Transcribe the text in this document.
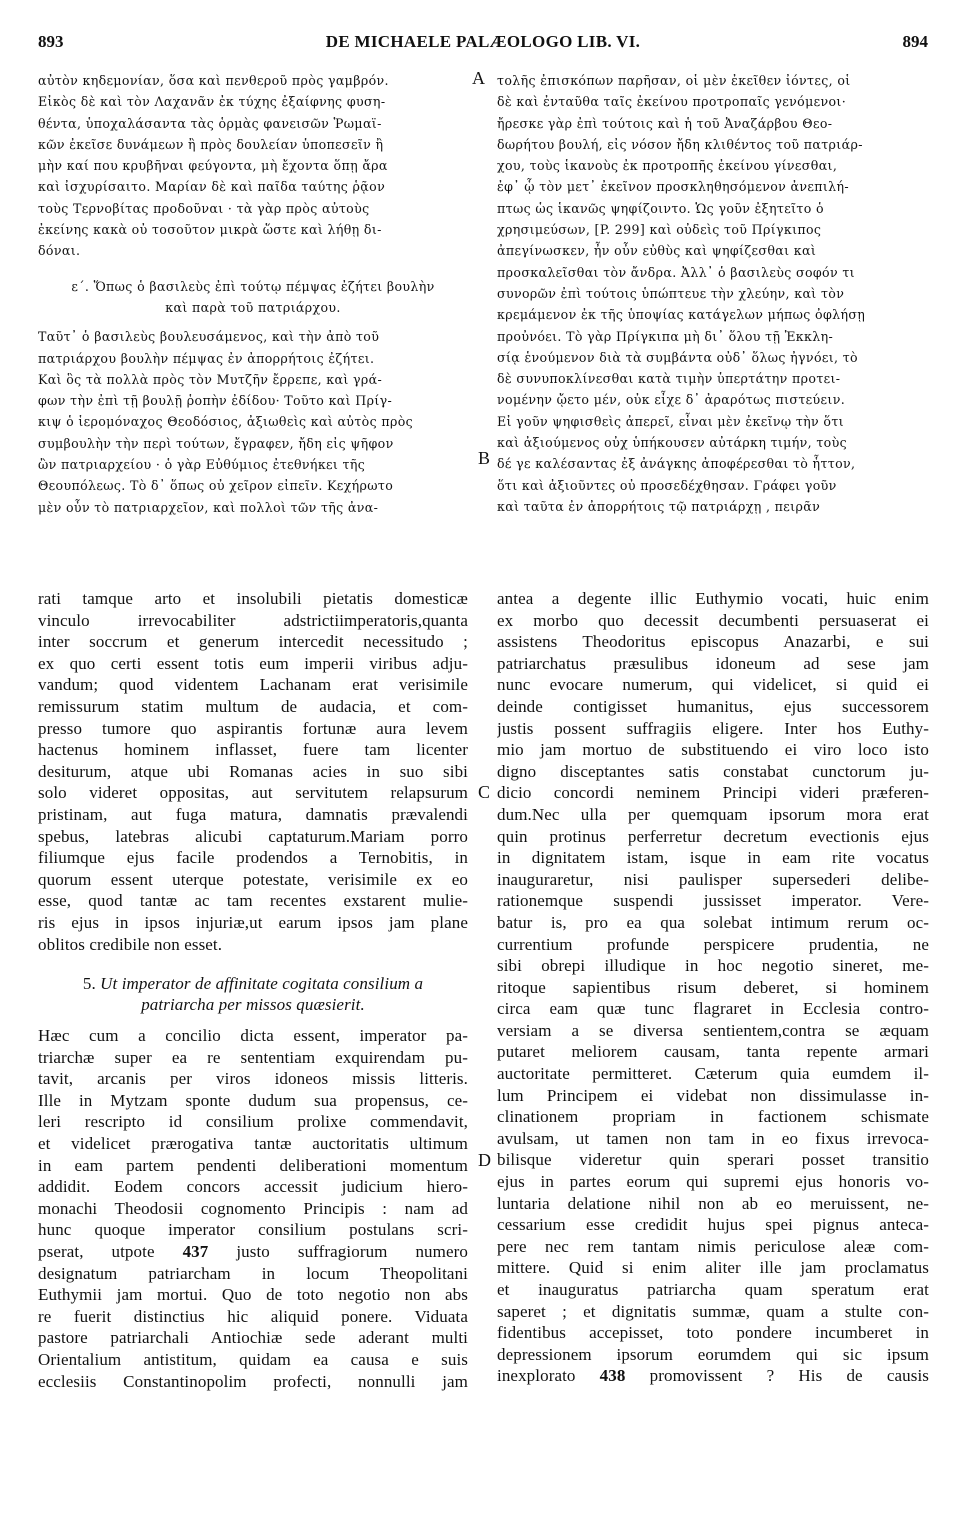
893	DE MICHAELE PALÆOLOGO LIB. VI.	894
αὐτὸν κηδεμονίαν, ὅσα καὶ πενθεροῦ πρὸς γαμβρόν.
Εἰκὸς δὲ καὶ τὸν Λαχανᾶν ἐκ τύχης ἐξαίφνης φυση-
θέντα, ὑποχαλάσαντα τὰς ὁρμὰς φανεισῶν Ῥωμαϊ-
κῶν ἐκεῖσε δυνάμεων ἢ πρὸς δουλείαν ὑποπεσεῖν ἢ
μὴν καί που κρυβῆναι φεύγοντα, μὴ ἔχοντα ὅπῃ ἄρα
καὶ ἰσχυρίσαιτο. Μαρίαν δὲ καὶ παῖδα ταύτης ῥᾷον
τοὺς Τερνοβίτας προδοῦναι · τὰ γὰρ πρὸς αὐτοὺς
ἐκείνης κακὰ οὐ τοσοῦτον μικρὰ ὥστε καὶ λήθῃ δι-
δόναι.
ε΄. Ὅπως ὁ βασιλεὺς ἐπὶ τούτῳ πέμψας ἐζήτει βουλὴν
καὶ παρὰ τοῦ πατριάρχου.
Ταῦτ᾽ ὁ βασιλεὺς βουλευσάμενος, καὶ τὴν ἀπὸ τοῦ
πατριάρχου βουλὴν πέμψας ἐν ἀπορρήτοις ἐζήτει.
Καὶ ὃς τὰ πολλὰ πρὸς τὸν Μυτζῆν ἔρρεπε, καὶ γρά-
φων τὴν ἐπὶ τῇ βουλῇ ῥοπὴν ἐδίδου· Τοῦτο καὶ Πρίγ-
κιψ ὁ ἱερομόναχος Θεοδόσιος, ἀξιωθεὶς καὶ αὐτὸς πρὸς
συμβουλὴν τὴν περὶ τούτων, ἔγραφεν, ἤδη εἰς ψῆφον
ὢν πατριαρχείου · ὁ γὰρ Εὐθύμιος ἐτεθνήκει τῆς
Θεουπόλεως. Τὸ δ᾽ ὅπως οὐ χεῖρον εἰπεῖν. Κεχήρωτο
μὲν οὖν τὸ πατριαρχεῖον, καὶ πολλοὶ τῶν τῆς ἀνα-
τολῆς ἐπισκόπων παρῆσαν, οἱ μὲν ἐκεῖθεν ἰόντες, οἱ
δὲ καὶ ἐνταῦθα ταῖς ἐκείνου προτροπαῖς γενόμενοι·
ἤρεσκε γὰρ ἐπὶ τούτοις καὶ ἡ τοῦ Ἀναζάρβου Θεο-
δωρήτου βουλή, εἰς νόσον ἤδη κλιθέντος τοῦ πατριάρ-
χου, τοὺς ἱκανοὺς ἐκ προτροπῆς ἐκείνου γίνεσθαι,
ἐφ᾽ ᾧ τὸν μετ᾽ ἐκεῖνον προσκληθησόμενον ἀνεπιλή-
πτως ὡς ἱκανῶς ψηφίζοιντο. Ὡς γοῦν ἐξητεῖτο ὁ
χρησιμεύσων, [P. 299] καὶ οὐδεὶς τοῦ Πρίγκιπος
ἀπεγίνωσκεν, ἦν οὖν εὐθὺς καὶ ψηφίζεσθαι καὶ
προσκαλεῖσθαι τὸν ἄνδρα. Ἀλλ᾽ ὁ βασιλεὺς σοφόν τι
συνορῶν ἐπὶ τούτοις ὑπώπτευε τὴν χλεύην, καὶ τὸν
κρεμάμενον ἐκ τῆς ὑποψίας κατάγελων μήπως ὀφλήσῃ
προὐνόει. Τὸ γὰρ Πρίγκιπα μὴ δι᾽ ὅλου τῇ Ἐκκλη-
σίᾳ ἑνούμενον διὰ τὰ συμβάντα οὐδ᾽ ὅλως ἠγνόει, τὸ
δὲ συνυποκλίνεσθαι κατὰ τιμὴν ὑπερτάτην προτει-
νομένην ᾤετο μέν, οὐκ εἶχε δ᾽ ἀραρότως πιστεύειν.
Εἰ γοῦν ψηφισθεὶς ἀπερεῖ, εἶναι μὲν ἐκεῖνῳ τὴν ὅτι
καὶ ἀξιούμενος οὐχ ὑπήκουσεν αὐτάρκη τιμήν, τοὺς
δέ γε καλέσαντας ἐξ ἀνάγκης ἀποφέρεσθαι τὸ ἧττον,
ὅτι καὶ ἀξιοῦντες οὐ προσεδέχθησαν. Γράφει γοῦν
καὶ ταῦτα ἐν ἀπορρήτοις τῷ πατριάρχῃ , πειρᾶν
rati tamque arto et insolubili pietatis domesticæ
vinculo irrevocabiliter adstrictiimperatoris,quanta
inter soccrum et generum intercedit necessitudo ;
ex quo certi essent totis eum imperii viribus adju-
vandum; quod videntem Lachanam erat verisimile
remissurum statim multum de audacia, et com-
presso tumore quo aspirantis fortunæ aura levem
hactenus hominem inflasset, fuere tam licenter
desiturum, atque ubi Romanas acies in suo sibi
solo videret oppositas, aut servitutem relapsurum
pristinam, aut fuga matura, damnatis prævalendi
spebus, latebras alicubi captaturum.Mariam porro
filiumque ejus facile prodendos a Ternobitis, in
quorum essent uterque potestate, verisimile ex eo
esse, quod tantæ ac tam recentes exstarent mulie-
ris ejus in ipsos injuriæ,ut earum ipsos jam plane
oblitos credibile non esset.
5. Ut imperator de affinitate cogitata consilium a
patriarcha per missos quæsierit.
Hæc cum a concilio dicta essent, imperator pa-
triarchæ super ea re sententiam exquirendam pu-
tavit, arcanis per viros idoneos missis litteris.
Ille in Mytzam sponte dudum sua propensus, ce-
leri rescripto id consilium prolixe commendavit,
et videlicet prærogativa tantæ auctoritatis ultimum
in eam partem pendenti deliberationi momentum
addidit. Eodem concors accessit judicium hiero-
monachi Theodosii cognomento Principis : nam ad
hunc quoque imperator consilium postulans scri-
pserat, utpote 437 justo suffragiorum numero
designatum patriarcham in locum Theopolitani
Euthymii jam mortui. Quo de toto negotio non abs
re fuerit distinctius hic aliquid ponere. Viduata
pastore patriarchali Antiochiæ sede aderant multi
Orientalium antistitum, quidam ea causa e suis
ecclesiis Constantinopolim profecti, nonnulli jam
antea a degente illic Euthymio vocati, huic enim
ex morbo quo decessit decumbenti persuaserat ei
assistens Theodoritus episcopus Anazarbi, e sui
patriarchatus præsulibus idoneum ad sese jam
nunc evocare numerum, qui videlicet, si quid ei
deinde contigisset humanitus, ejus successorem
justis possent suffragiis eligere. Inter hos Euthy-
mio jam mortuo de substituendo ei viro loco isto
digno disceptantes satis constabat cunctorum ju-
dicio concordi neminem Principi videri præferen-
dum.Nec ulla per quemquam ipsorum mora erat
quin protinus perferretur decretum evectionis ejus
in dignitatem istam, isque in eam rite vocatus
inauguraretur, nisi paulisper supersederi delibe-
rationemque suspendi jussisset imperator. Vere-
batur is, pro ea qua solebat intimum rerum oc-
currentium profunde perspicere prudentia, ne
sibi obrepi illudique in hoc negotio sineret, me-
ritoque sapientibus risum deberet, si hominem
circa eam quæ tunc flagraret in Ecclesia contro-
versiam a se diversa sentientem,contra se æquam
putaret meliorem causam, tanta repente armari
auctoritate permitteret. Cæterum quia eumdem il-
lum Principem ei videbat non dissimulasse in-
clinationem propriam in factionem schismate
avulsam, ut tamen non tam in eo fixus irrevoca-
bilisque videretur quin sperari posset transitio
ejus in partes eorum qui supremi ejus honoris vo-
luntaria delatione nihil non ab eo meruissent, ne-
cessarium esse credidit hujus spei pignus anteca-
pere nec rem tantam nimis periculose aleæ com-
mittere. Quid si enim aliter ille jam proclamatus
et inauguratus patriarcha quam speratum erat
saperet ; et dignitatis summæ, quam a stulte con-
fidentibus accepisset, toto pondere incumberet in
depressionem ipsorum eorumdem qui sic ipsum
inexplorato 438 promovissent ? His de causis
A
B
C
D
